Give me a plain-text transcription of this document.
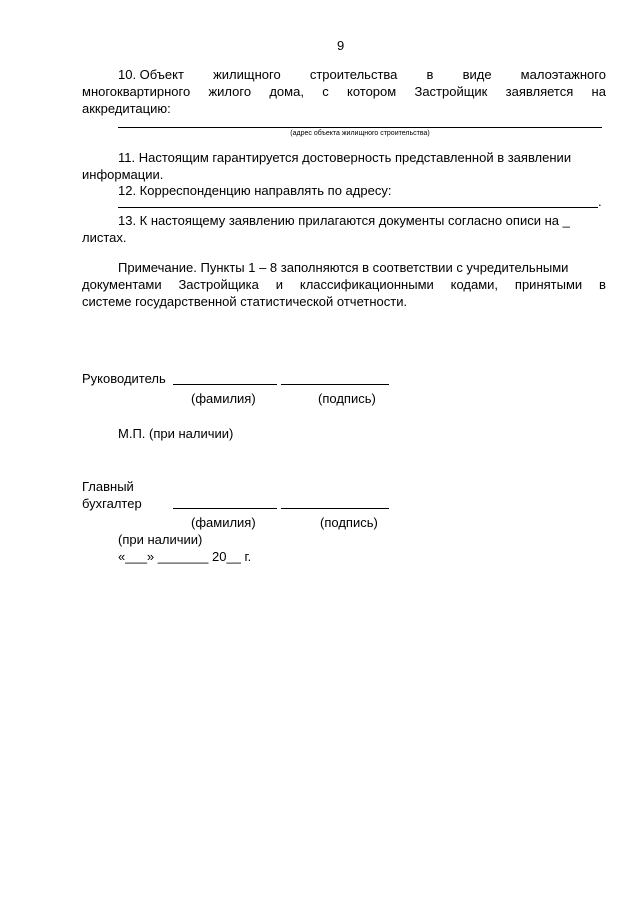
9
10. Объект жилищного строительства в виде малоэтажного
многоквартирного жилого дома, с котором Застройщик заявляется на
аккредитацию:
(адрес объекта жилищного строительства)
11. Настоящим гарантируется достоверность представленной в заявлении
информации.
12. Корреспонденцию направлять по адресу:
.
13. К настоящему заявлению прилагаются документы согласно описи на _
листах.
Примечание. Пункты 1 – 8 заполняются в соответствии с учредительными
документами Застройщика и классификационными кодами, принятыми в
системе государственной статистической отчетности.
Руководитель
(фамилия)	(подпись)
М.П. (при наличии)
Главный
бухгалтер
(фамилия)	(подпись)
(при наличии)
«___» _______ 20__ г.
